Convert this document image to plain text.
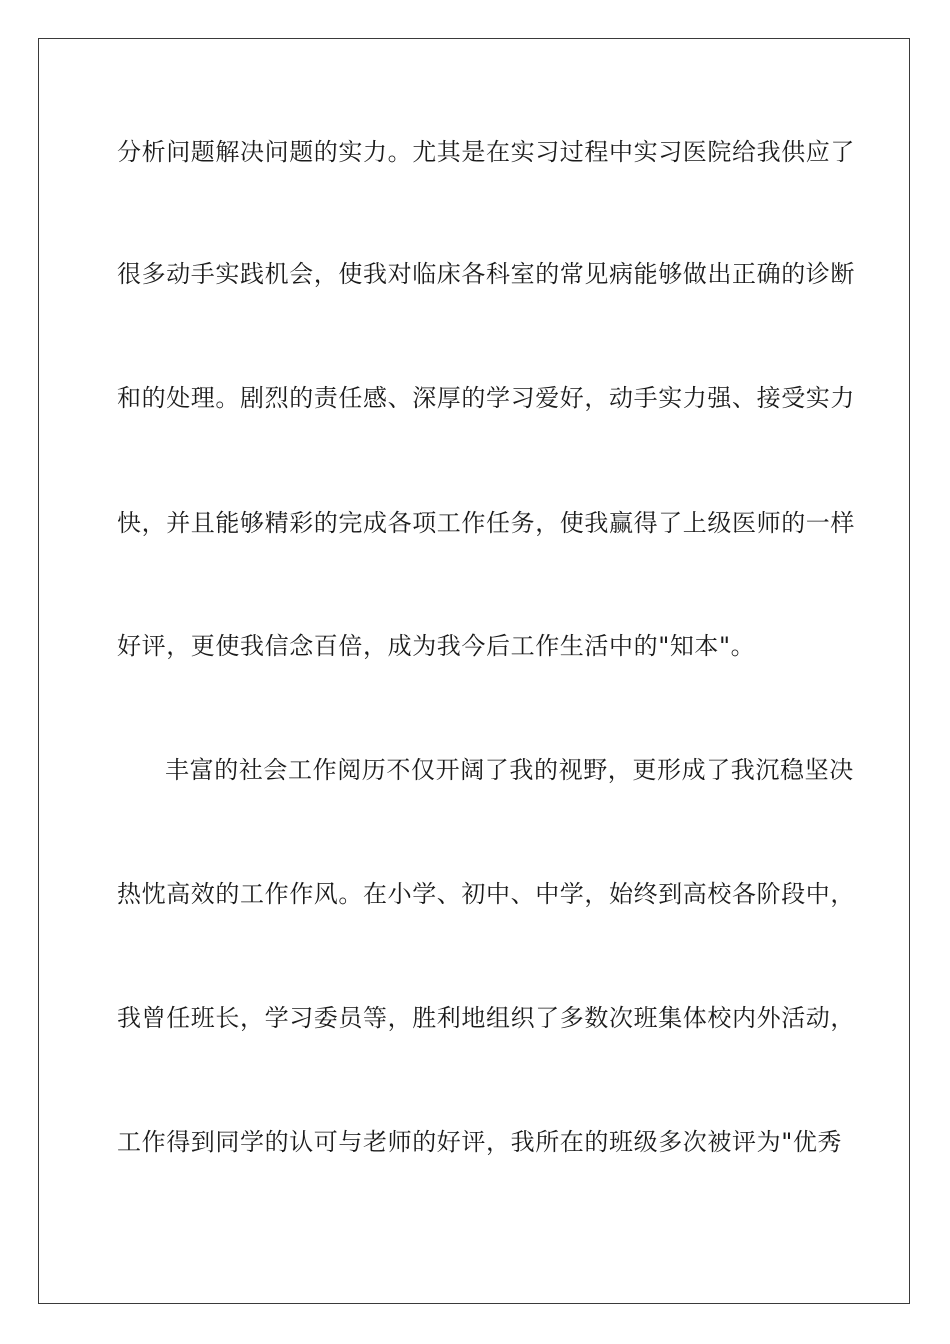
分析问题解决问题的实力。尤其是在实习过程中实习医院给我供应了
很多动手实践机会，使我对临床各科室的常见病能够做出正确的诊断
和的处理。剧烈的责任感、深厚的学习爱好，动手实力强、接受实力
快，并且能够精彩的完成各项工作任务，使我赢得了上级医师的一样
好评，更使我信念百倍，成为我今后工作生活中的"知本"。
丰富的社会工作阅历不仅开阔了我的视野，更形成了我沉稳坚决
热忱高效的工作作风。在小学、初中、中学，始终到高校各阶段中，
我曾任班长，学习委员等，胜利地组织了多数次班集体校内外活动，
工作得到同学的认可与老师的好评，我所在的班级多次被评为"优秀
